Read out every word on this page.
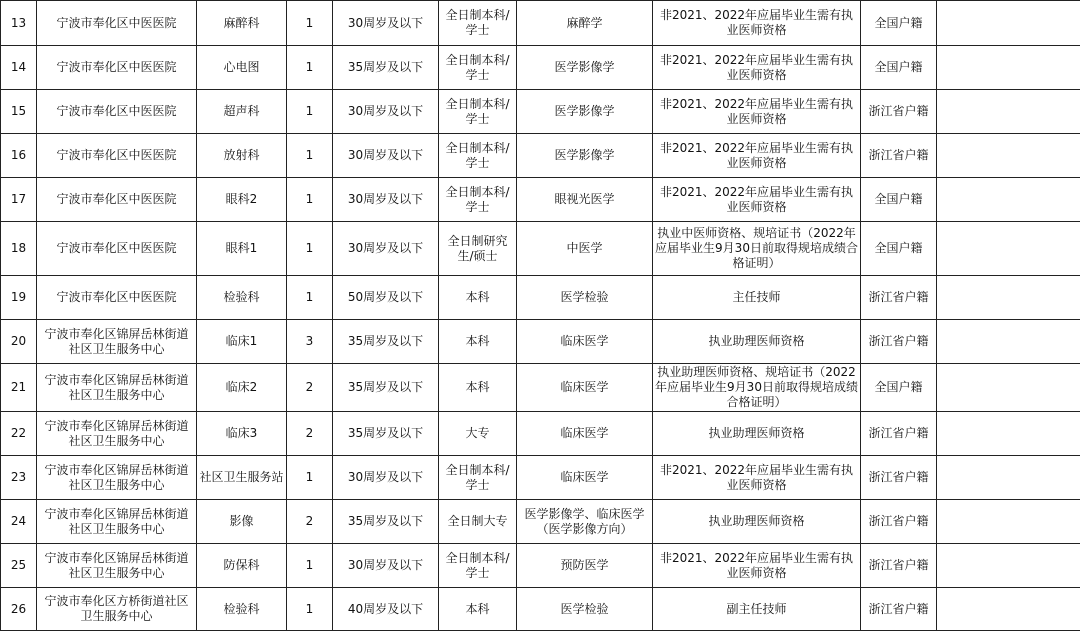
13	宁波市奉化区中医医院	麻醉科	1	30周岁及以下	全日制本科/学士	麻醉学	非2021、2022年应届毕业生需有执业医师资格	全国户籍	
14	宁波市奉化区中医医院	心电图	1	35周岁及以下	全日制本科/学士	医学影像学	非2021、2022年应届毕业生需有执业医师资格	全国户籍	
15	宁波市奉化区中医医院	超声科	1	30周岁及以下	全日制本科/学士	医学影像学	非2021、2022年应届毕业生需有执业医师资格	浙江省户籍	
16	宁波市奉化区中医医院	放射科	1	30周岁及以下	全日制本科/学士	医学影像学	非2021、2022年应届毕业生需有执业医师资格	浙江省户籍	
17	宁波市奉化区中医医院	眼科2	1	30周岁及以下	全日制本科/学士	眼视光医学	非2021、2022年应届毕业生需有执业医师资格	全国户籍	
18	宁波市奉化区中医医院	眼科1	1	30周岁及以下	全日制研究生/硕士	中医学	执业中医师资格、规培证书（2022年应届毕业生9月30日前取得规培成绩合格证明）	全国户籍	
19	宁波市奉化区中医医院	检验科	1	50周岁及以下	本科	医学检验	主任技师	浙江省户籍	
20	宁波市奉化区锦屏岳林街道社区卫生服务中心	临床1	3	35周岁及以下	本科	临床医学	执业助理医师资格	浙江省户籍	
21	宁波市奉化区锦屏岳林街道社区卫生服务中心	临床2	2	35周岁及以下	本科	临床医学	执业助理医师资格、规培证书（2022年应届毕业生9月30日前取得规培成绩合格证明）	全国户籍	
22	宁波市奉化区锦屏岳林街道社区卫生服务中心	临床3	2	35周岁及以下	大专	临床医学	执业助理医师资格	浙江省户籍	
23	宁波市奉化区锦屏岳林街道社区卫生服务中心	社区卫生服务站	1	30周岁及以下	全日制本科/学士	临床医学	非2021、2022年应届毕业生需有执业医师资格	浙江省户籍	
24	宁波市奉化区锦屏岳林街道社区卫生服务中心	影像	2	35周岁及以下	全日制大专	医学影像学、临床医学（医学影像方向）	执业助理医师资格	浙江省户籍	
25	宁波市奉化区锦屏岳林街道社区卫生服务中心	防保科	1	30周岁及以下	全日制本科/学士	预防医学	非2021、2022年应届毕业生需有执业医师资格	浙江省户籍	
26	宁波市奉化区方桥街道社区卫生服务中心	检验科	1	40周岁及以下	本科	医学检验	副主任技师	浙江省户籍	
